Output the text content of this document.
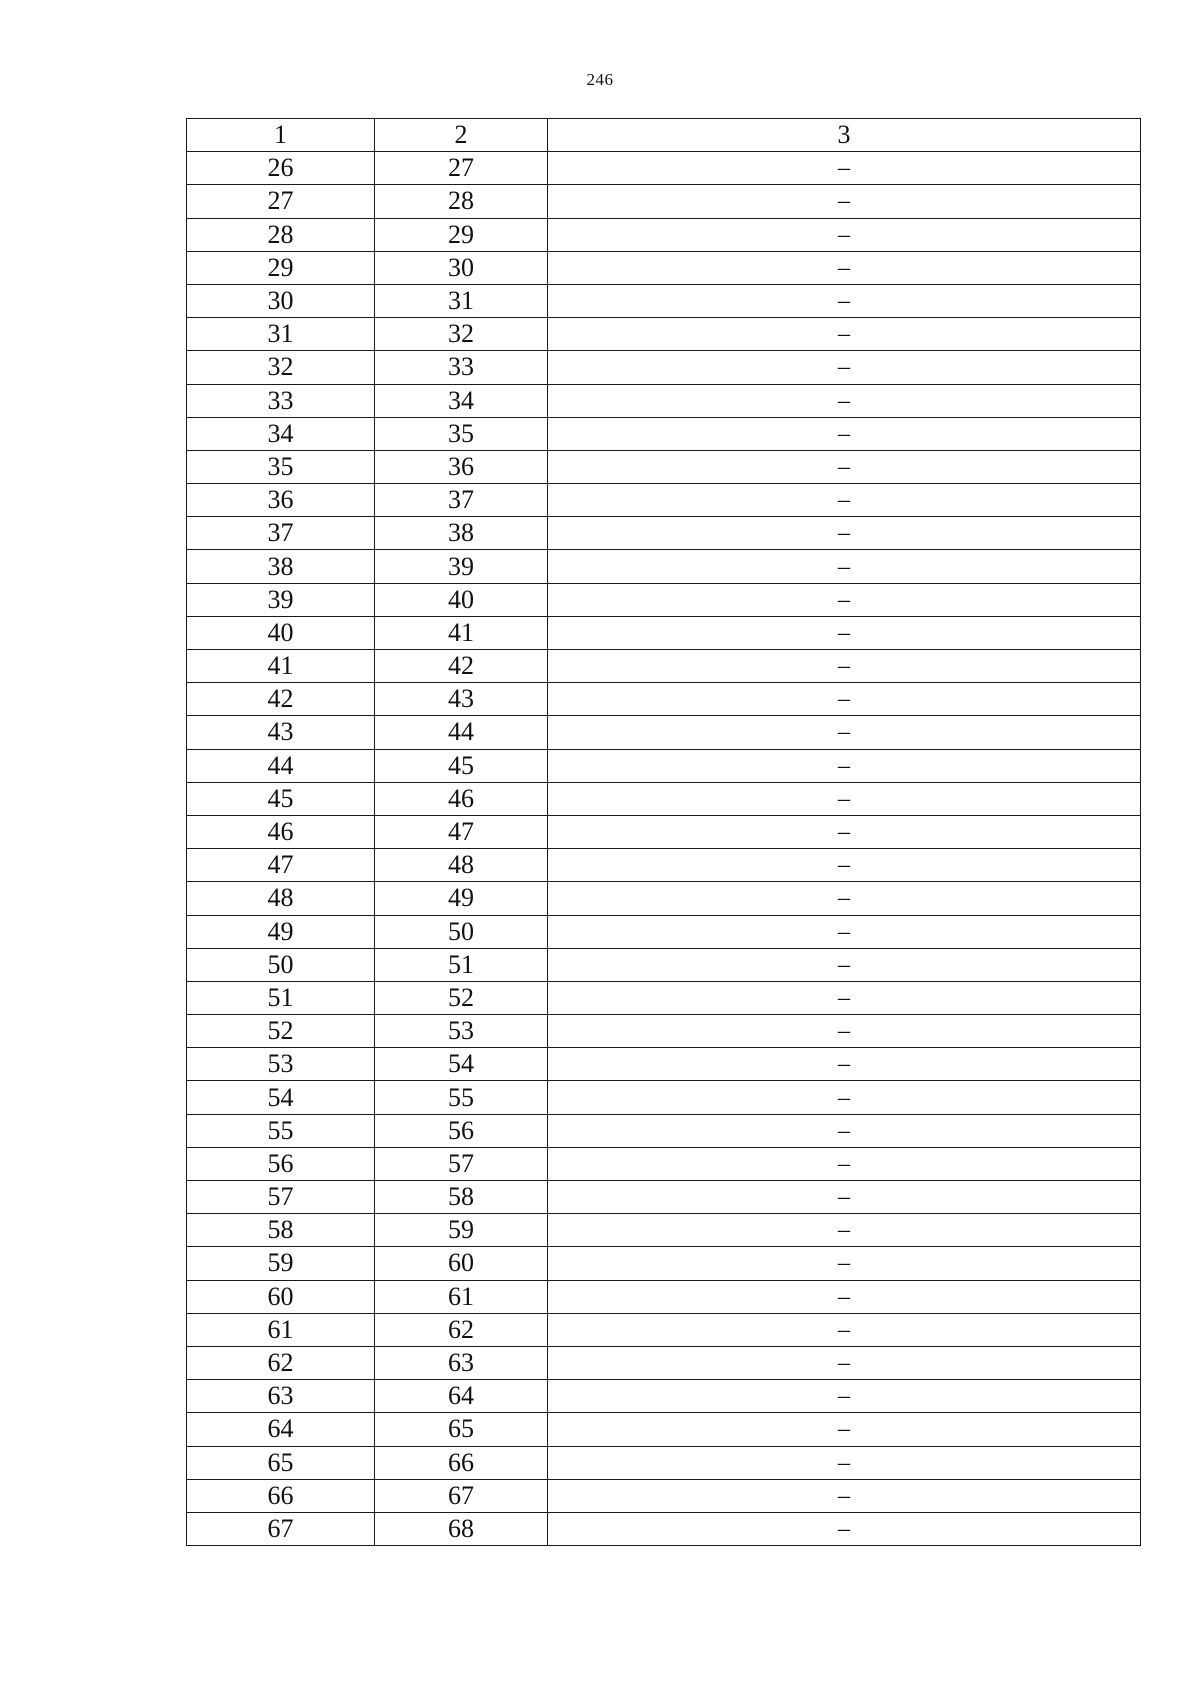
246
1	2	3
26	27	–
27	28	–
28	29	–
29	30	–
30	31	–
31	32	–
32	33	–
33	34	–
34	35	–
35	36	–
36	37	–
37	38	–
38	39	–
39	40	–
40	41	–
41	42	–
42	43	–
43	44	–
44	45	–
45	46	–
46	47	–
47	48	–
48	49	–
49	50	–
50	51	–
51	52	–
52	53	–
53	54	–
54	55	–
55	56	–
56	57	–
57	58	–
58	59	–
59	60	–
60	61	–
61	62	–
62	63	–
63	64	–
64	65	–
65	66	–
66	67	–
67	68	–
